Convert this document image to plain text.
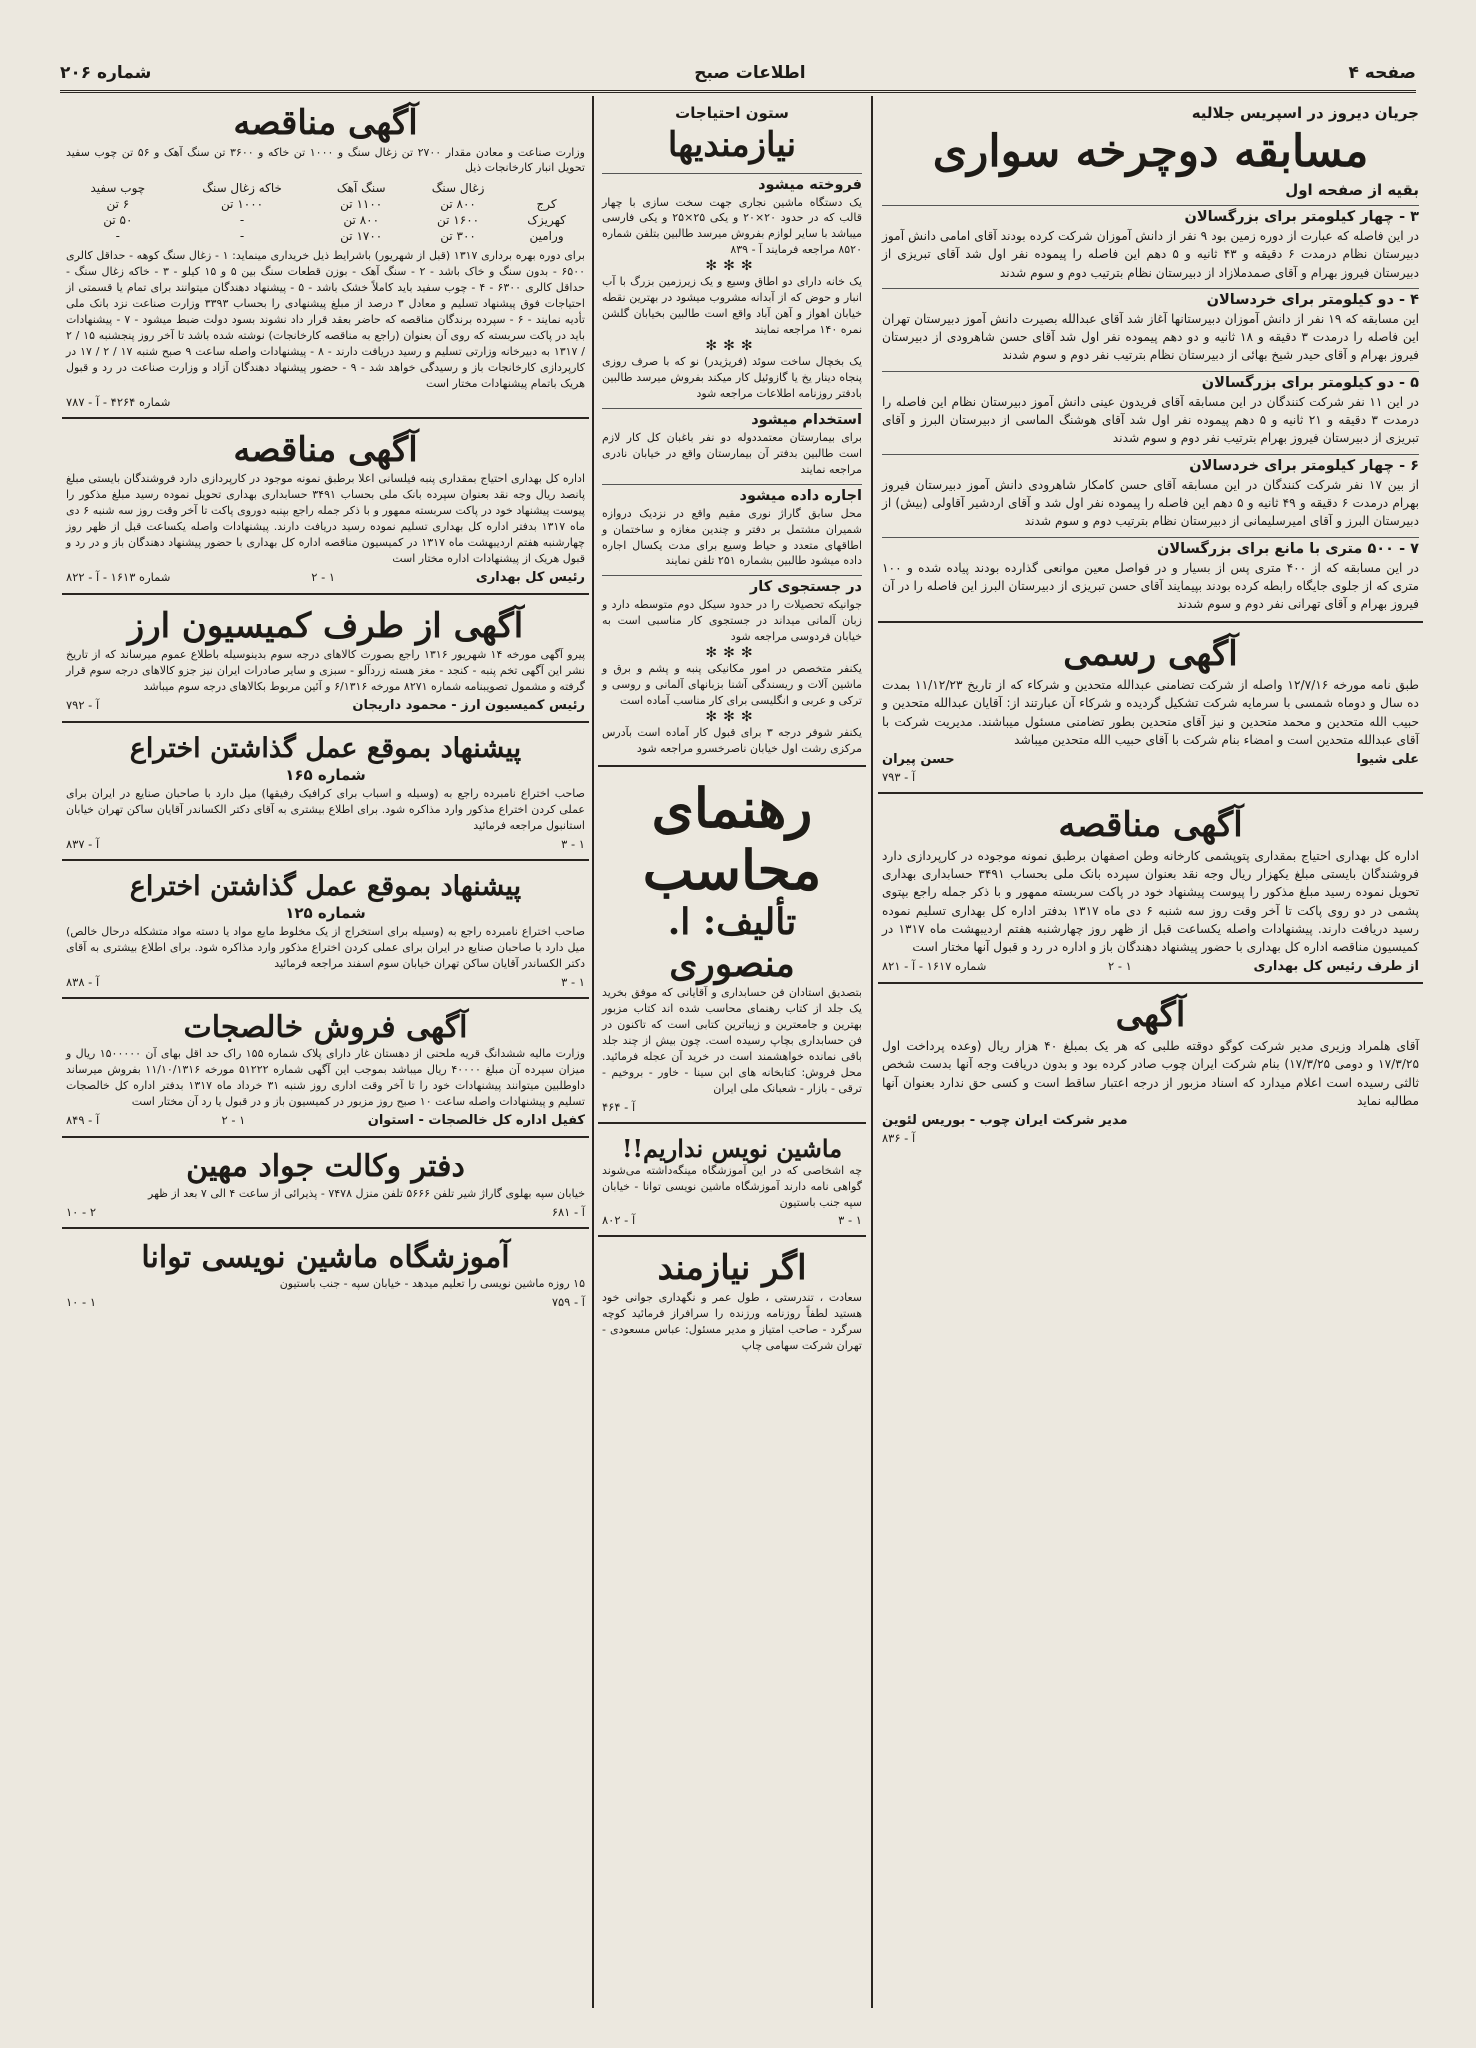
صفحه ۴
اطلاعات صبح
شماره ۲۰۶
جریان دیروز در اسپریس جلالیه
مسابقه دوچرخه سواری
بقیه از صفحه اول
۳ - چهار کیلومتر برای بزرگسالان

در این فاصله که عبارت از دوره زمین بود ۹ نفر از دانش آموزان شرکت کرده بودند آقای امامی دانش آموز دبیرستان نظام درمدت ۶ دقیقه و ۴۳ ثانیه و ۵ دهم این فاصله را پیموده نفر اول شد آقای تبریزی از دبیرستان فیروز بهرام و آقای صمدملازاد از دبیرستان نظام بترتیب دوم و سوم شدند

۴ - دو کیلومتر برای خردسالان

این مسابقه که ۱۹ نفر از دانش آموزان دبیرستانها آغاز شد آقای عبدالله بصیرت دانش آموز دبیرستان تهران این فاصله را درمدت ۳ دقیقه و ۱۸ ثانیه و دو دهم پیموده نفر اول شد آقای حسن شاهرودی از دبیرستان فیروز بهرام و آقای حیدر شیخ بهائی از دبیرستان نظام بترتیب نفر دوم و سوم شدند

۵ - دو کیلومتر برای بزرگسالان

در این ۱۱ نفر شرکت کنندگان در این مسابقه آقای فریدون عینی دانش آموز دبیرستان نظام این فاصله را درمدت ۳ دقیقه و ۲۱ ثانیه و ۵ دهم پیموده نفر اول شد آقای هوشنگ الماسی از دبیرستان البرز و آقای تبریزی از دبیرستان فیروز بهرام بترتیب نفر دوم و سوم شدند

۶ - چهار کیلومتر برای خردسالان

از بین ۱۷ نفر شرکت کنندگان در این مسابقه آقای حسن کامکار شاهرودی دانش آموز دبیرستان فیروز بهرام درمدت ۶ دقیقه و ۴۹ ثانیه و ۵ دهم این فاصله را پیموده نفر اول شد و آقای اردشیر آقاولی (بیش) از دبیرستان البرز و آقای امیرسلیمانی از دبیرستان نظام بترتیب دوم و سوم شدند

۷ - ۵۰۰ متری با مانع برای بزرگسالان

در این مسابقه که از ۴۰۰ متری پس از بسیار و در فواصل معین موانعی گذارده بودند پیاده شده و ۱۰۰ متری که از جلوی جایگاه رابطه کرده بودند بپیمایند آقای حسن تبریزی از دبیرستان البرز این فاصله را در آن فیروز بهرام و آقای تهرانی نفر دوم و سوم شدند

آگهی رسمی

طبق نامه مورخه ۱۲/۷/۱۶ واصله از شرکت تضامنی عبدالله متحدین و شرکاء که از تاریخ ۱۱/۱۲/۲۳ بمدت ده سال و دوماه شمسی با سرمایه شرکت تشکیل گردیده و شرکاء آن عبارتند از: آقایان عبدالله متحدین و حبیب الله متحدین و محمد متحدین و نیز آقای متحدین بطور تضامنی مسئول میباشند. مدیریت شرکت با آقای عبدالله متحدین است و امضاء بنام شرکت با آقای حبیب الله متحدین میباشد

علی شیوا
حسن پیران
آ - ۷۹۳
آگهی مناقصه

اداره کل بهداری احتیاج بمقداری پتوپشمی کارخانه وطن اصفهان برطبق نمونه موجوده در کارپردازی دارد فروشندگان بایستی مبلغ یکهزار ریال وجه نقد بعنوان سپرده بانک ملی بحساب ۳۴۹۱ حسابداری بهداری تحویل نموده رسید مبلغ مذکور را پیوست پیشنهاد خود در پاکت سربسته ممهور و با ذکر جمله راجع بپتوی پشمی در دو روی پاکت تا آخر وقت روز سه شنبه ۶ دی ماه ۱۳۱۷ بدفتر اداره کل بهداری تسلیم نموده رسید دریافت دارند. پیشنهادات واصله یکساعت قبل از ظهر روز چهارشنبه هفتم اردیبهشت ماه ۱۳۱۷ در کمیسیون مناقصه اداره کل بهداری با حضور پیشنهاد دهندگان باز و اداره در رد و قبول آنها مختار است

از طرف رئیس کل بهداری
۲ - ۱
شماره ۱۶۱۷ - آ - ۸۲۱
آگهی

آقای هلمراد وزیری مدیر شرکت کوگو دوقته طلبی که هر یک بمبلغ ۴۰ هزار ریال (وعده پرداخت اول ۱۷/۳/۲۵ و دومی ۱۷/۳/۲۵) بنام شرکت ایران چوب صادر کرده بود و بدون دریافت وجه آنها بدست شخص ثالثی رسیده است اعلام میدارد که اسناد مزبور از درجه اعتبار ساقط است و کسی حق ندارد بعنوان آنها مطالبه نماید

مدیر شرکت ایران چوب - بوریس لئوین
آ - ۸۳۶
ستون احتیاجات
نیازمندیها
فروخته میشود

یک دستگاه ماشین نجاری جهت سخت سازی با چهار قالب که در حدود ۲۰×۲۰ و یکی ۲۵×۲۵ و یکی فارسی میباشد با سایر لوازم بفروش میرسد طالبین بتلفن شماره ۸۵۲۰ مراجعه فرمایند آ - ۸۳۹

✻✻✻

یک خانه دارای دو اطاق وسیع و یک زیرزمین بزرگ با آب انبار و حوض که از آبدانه مشروب میشود در بهترین نقطه خیابان اهواز و آهن آباد واقع است طالبین بخیابان گلشن نمره ۱۴۰ مراجعه نمایند

✻✻✻

یک بخچال ساخت سوئد (فریژیدر) نو که با صرف روزی پنجاه دینار یخ یا گازوئیل کار میکند بفروش میرسد طالبین بادفتر روزنامه اطلاعات مراجعه شود

استخدام میشود

برای بیمارستان معتمددوله دو نفر باغبان کل کار لازم است طالبین بدفتر آن بیمارستان واقع در خیابان نادری مراجعه نمایند

اجاره داده میشود

محل سابق گاراژ نوری مقیم واقع در نزدیک دروازه شمیران مشتمل بر دفتر و چندین مغازه و ساختمان و اطاقهای متعدد و حیاط وسیع برای مدت یکسال اجاره داده میشود طالبین بشماره ۲۵۱ تلفن نمایند

در جستجوی کار

جوانیکه تحصیلات را در حدود سیکل دوم متوسطه دارد و زبان آلمانی میداند در جستجوی کار مناسبی است به خیابان فردوسی مراجعه شود

✻✻✻

یکنفر متخصص در امور مکانیکی پنبه و پشم و برق و ماشین آلات و ریسندگی آشنا بزبانهای آلمانی و روسی و ترکی و عربی و انگلیسی برای کار مناسب آماده است

✻✻✻

یکنفر شوفر درجه ۳ برای قبول کار آماده است بآدرس مرکزی رشت اول خیابان ناصرخسرو مراجعه شود

رهنمای محاسب
تألیف: ا. منصوری

بتصدیق استادان فن حسابداری و آقایانی که موفق بخرید یک جلد از کتاب رهنمای محاسب شده اند کتاب مزبور بهترین و جامعترین و زیباترین کتابی است که تاکنون در فن حسابداری بچاپ رسیده است. چون بیش از چند جلد باقی نمانده خواهشمند است در خرید آن عجله فرمائید. محل فروش: کتابخانه های ابن سینا - خاور - بروخیم - ترقی - بازار - شعبانک ملی ایران

آ - ۴۶۴
ماشین نویس نداریم!!

چه اشخاصی که در این آموزشگاه مینگه‌داشته می‌شوند گواهی نامه دارند آموزشگاه ماشین نویسی توانا - خیابان سپه جنب باستیون

آ - ۸۰۲	۳ - ۱
اگر نیازمند

سعادت ، تندرستی ، طول عمر و نگهداری جوانی خود هستید لطفاً روزنامه ورزنده را سرافراز فرمائید کوچه سرگرد - صاحب امتیاز و مدیر مسئول: عباس مسعودی - تهران شرکت سهامی چاپ

آگهی مناقصه

وزارت صناعت و معادن مقدار ۲۷۰۰ تن زغال سنگ و ۱۰۰۰ تن خاکه و ۳۶۰۰ تن سنگ آهک و ۵۶ تن چوب سفید تحویل انبار کارخانجات ذیل

	زغال سنگ	سنگ آهک	خاکه زغال سنگ	چوب سفید
کرج	۸۰۰ تن	۱۱۰۰ تن	۱۰۰۰ تن	۶ تن
کهریزک	۱۶۰۰ تن	۸۰۰ تن	-	۵۰ تن
ورامین	۳۰۰ تن	۱۷۰۰ تن	-	-

برای دوره بهره برداری ۱۳۱۷ (قبل از شهریور) باشرایط ذیل خریداری مینماید: ۱ - زغال سنگ کوهه - حداقل کالری ۶۵۰۰ - بدون سنگ و خاک باشد - ۲ - سنگ آهک - بوزن قطعات سنگ بین ۵ و ۱۵ کیلو - ۳ - خاکه زغال سنگ - حداقل کالری ۶۳۰۰ - ۴ - چوب سفید باید کاملاً خشک باشد - ۵ - پیشنهاد دهندگان میتوانند برای تمام یا قسمتی از احتیاجات فوق پیشنهاد تسلیم و معادل ۳ درصد از مبلغ پیشنهادی را بحساب ۳۳۹۳ وزارت صناعت نزد بانک ملی تأدیه نمایند - ۶ - سپرده برندگان مناقصه که حاضر بعقد قرار داد نشوند بسود دولت ضبط میشود - ۷ - پیشنهادات باید در پاکت سربسته که روی آن بعنوان (راجع به مناقصه کارخانجات) نوشته شده باشد تا آخر روز پنجشنبه ۱۵ / ۲ / ۱۳۱۷ به دبیرخانه وزارتی تسلیم و رسید دریافت دارند - ۸ - پیشنهادات واصله ساعت ۹ صبح شنبه ۱۷ / ۲ / ۱۷ در کارپردازی کارخانجات باز و رسیدگی خواهد شد - ۹ - حضور پیشنهاد دهندگان آزاد و وزارت صناعت در رد و قبول هریک باتمام پیشنهادات مختار است

شماره ۴۲۶۴ - آ - ۷۸۷
آگهی مناقصه

اداره کل بهداری احتیاج بمقداری پنبه فیلسانی اعلا برطبق نمونه موجود در کارپردازی دارد فروشندگان بایستی مبلغ پانصد ریال وجه نقد بعنوان سپرده بانک ملی بحساب ۳۴۹۱ حسابداری بهداری تحویل نموده رسید مبلغ مذکور را پیوست پیشنهاد خود در پاکت سربسته ممهور و با ذکر جمله راجع بپنبه دوروی پاکت تا آخر وقت روز سه شنبه ۶ دی ماه ۱۳۱۷ بدفتر اداره کل بهداری تسلیم نموده رسید دریافت دارند. پیشنهادات واصله یکساعت قبل از ظهر روز چهارشنبه هفتم اردیبهشت ماه ۱۳۱۷ در کمیسیون مناقصه اداره کل بهداری با حضور پیشنهاد دهندگان باز و در رد و قبول هریک از پیشنهادات اداره مختار است

رئیس کل بهداری
۲ - ۱
شماره ۱۶۱۳ - آ - ۸۲۲
آگهی از طرف کمیسیون ارز

پیرو آگهی مورخه ۱۴ شهریور ۱۳۱۶ راجع بصورت کالاهای درجه سوم بدینوسیله باطلاع عموم میرساند که از تاریخ نشر این آگهی تخم پنبه - کنجد - مغز هسته زردآلو - سبزی و سایر صادرات ایران نیز جزو کالاهای درجه سوم قرار گرفته و مشمول تصویبنامه شماره ۸۲۷۱ مورخه ۶/۱۳۱۶ و آئین مربوط بکالاهای درجه سوم میباشد

رئیس کمیسیون ارز - محمود داریجان
آ - ۷۹۲
پیشنهاد بموقع عمل گذاشتن اختراع
شماره ۱۶۵

صاحب اختراع نامبرده راجع به (وسیله و اسباب برای کرافیک رفیقها) میل دارد با صاحبان صنایع در ایران برای عملی کردن اختراع مذکور وارد مذاکره شود. برای اطلاع بیشتری به آقای دکتر الکساندر آقایان ساکن تهران خیابان استانبول مراجعه فرمائید

آ - ۸۳۷	۳ - ۱
پیشنهاد بموقع عمل گذاشتن اختراع
شماره ۱۲۵

صاحب اختراع نامبرده راجع به (وسیله برای استخراج از یک مخلوط مایع مواد یا دسته مواد متشکله درحال خالص) میل دارد با صاحبان صنایع در ایران برای عملی کردن اختراع مذکور وارد مذاکره شود. برای اطلاع بیشتری به آقای دکتر الکساندر آقایان ساکن تهران خیابان سوم اسفند مراجعه فرمائید

آ - ۸۳۸	۳ - ۱
آگهی فروش خالصجات

وزارت مالیه ششدانگ قریه ملحنی از دهستان غار دارای پلاک شماره ۱۵۵ راک حد اقل بهای آن ۱۵۰۰۰۰۰ ریال و میزان سپرده آن مبلغ ۴۰۰۰۰ ریال میباشد بموجب این آگهی شماره ۵۱۲۲۲ مورخه ۱۱/۱۰/۱۳۱۶ بفروش میرساند داوطلبین میتوانند پیشنهادات خود را تا آخر وقت اداری روز شنبه ۳۱ خرداد ماه ۱۳۱۷ بدفتر اداره کل خالصجات تسلیم و پیشنهادات واصله ساعت ۱۰ صبح روز مزبور در کمیسیون باز و در قبول یا رد آن مختار است

کفیل اداره کل خالصجات - استوان
۲ - ۱
آ - ۸۴۹
دفتر وکالت جواد مهین

خیابان سپه بهلوی گاراژ شیر تلفن ۵۶۶۶ تلفن منزل ۷۴۷۸ - پذیرائی از ساعت ۴ الی ۷ بعد از ظهر

۱۰ - ۲	آ - ۶۸۱
آموزشگاه ماشین نویسی توانا

۱۵ روزه ماشین نویسی را تعلیم میدهد - خیابان سپه - جنب باستیون

۱۰ - ۱	آ - ۷۵۹
